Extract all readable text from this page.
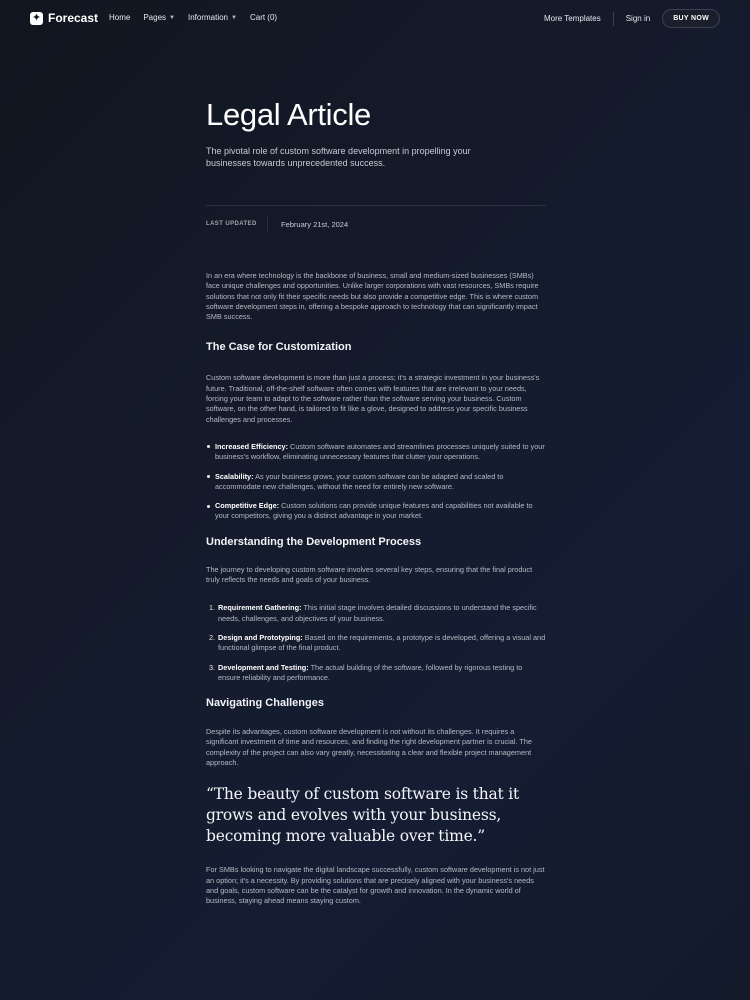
✦
Forecast Home Pages ▼ Information ▼ Cart (0)	More Templates	Sign in	BUY NOW
Legal Article

The pivotal role of custom software development in propelling your businesses towards unprecedented success.

LAST UPDATED	February 21st, 2024

In an era where technology is the backbone of business, small and medium-sized businesses (SMBs) face unique challenges and opportunities. Unlike larger corporations with vast resources, SMBs require solutions that not only fit their specific needs but also provide a competitive edge. This is where custom software development steps in, offering a bespoke approach to technology that can significantly impact SMB success.

The Case for Customization

Custom software development is more than just a process; it's a strategic investment in your business's future. Traditional, off-the-shelf software often comes with features that are irrelevant to your needs, forcing your team to adapt to the software rather than the software serving your business. Custom software, on the other hand, is tailored to fit like a glove, designed to address your specific business challenges and processes.

Increased Efficiency: Custom software automates and streamlines processes uniquely suited to your business's workflow, eliminating unnecessary features that clutter your operations.
Scalability: As your business grows, your custom software can be adapted and scaled to accommodate new challenges, without the need for entirely new software.
Competitive Edge: Custom solutions can provide unique features and capabilities not available to your competitors, giving you a distinct advantage in your market.
Understanding the Development Process

The journey to developing custom software involves several key steps, ensuring that the final product truly reflects the needs and goals of your business.

1. Requirement Gathering: This initial stage involves detailed discussions to understand the specific needs, challenges, and objectives of your business.
2. Design and Prototyping: Based on the requirements, a prototype is developed, offering a visual and functional glimpse of the final product.
3. Development and Testing: The actual building of the software, followed by rigorous testing to ensure reliability and performance.
Navigating Challenges

Despite its advantages, custom software development is not without its challenges. It requires a significant investment of time and resources, and finding the right development partner is crucial. The complexity of the project can also vary greatly, necessitating a clear and flexible project management approach.

“The beauty of custom software is that it grows and evolves with your business, becoming more valuable over time.”

For SMBs looking to navigate the digital landscape successfully, custom software development is not just an option; it's a necessity. By providing solutions that are precisely aligned with your business's needs and goals, custom software can be the catalyst for growth and innovation. In the dynamic world of business, staying ahead means staying custom.
